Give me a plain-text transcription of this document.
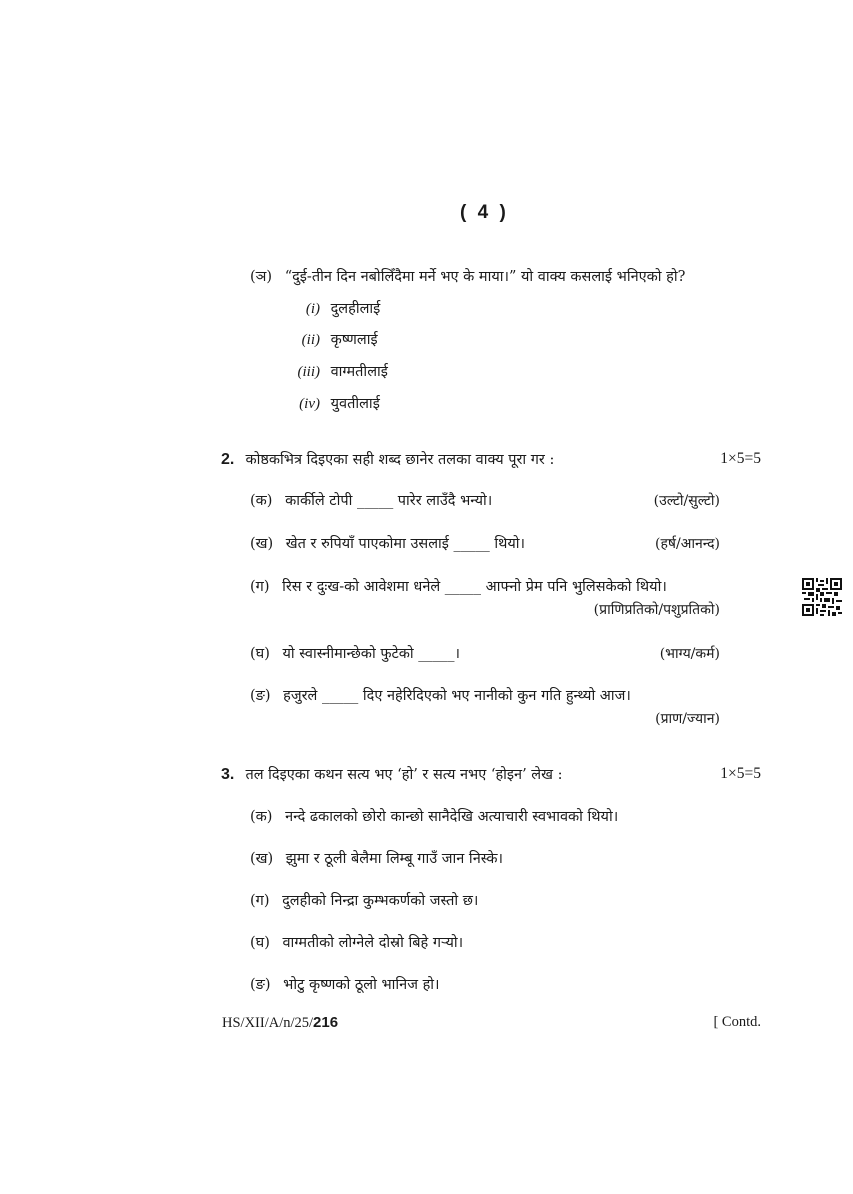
( 4 )
(ञ) “दुई-तीन दिन नबोलिँदैमा मर्ने भए के माया।” यो वाक्य कसलाई भनिएको हो?
(i) दुलहीलाई
(ii) कृष्णलाई
(iii) वाग्मतीलाई
(iv) युवतीलाई
2. कोष्ठकभित्र दिइएका सही शब्द छानेर तलका वाक्य पूरा गर :	1×5=5
(क) कार्कीले टोपी _____ पारेर लाउँदै भन्यो।	(उल्टो/सुल्टो)
(ख) खेत र रुपियाँ पाएकोमा उसलाई _____ थियो।	(हर्ष/आनन्द)
(ग) रिस र दुःख-को आवेशमा धनेले _____ आफ्नो प्रेम पनि भुलिसकेको थियो।
(प्राणिप्रतिको/पशुप्रतिको)
(घ) यो स्वास्नीमान्छेको फुटेको _____।	(भाग्य/कर्म)
(ङ) हजुरले _____ दिए नहेरिदिएको भए नानीको कुन गति हुन्थ्यो आज।
(प्राण/ज्यान)
3. तल दिइएका कथन सत्य भए ‘हो’ र सत्य नभए ‘होइन’ लेख :	1×5=5
(क) नन्दे ढकालको छोरो कान्छो सानैदेखि अत्याचारी स्वभावको थियो।
(ख) झुमा र ठूली बेलैमा लिम्बू गाउँ जान निस्के।
(ग) दुलहीको निन्द्रा कुम्भकर्णको जस्तो छ।
(घ) वाग्मतीको लोग्नेले दोस्रो बिहे गऱ्यो।
(ङ) भोटु कृष्णको ठूलो भानिज हो।
HS/XII/A/n/25/216	[ Contd.
